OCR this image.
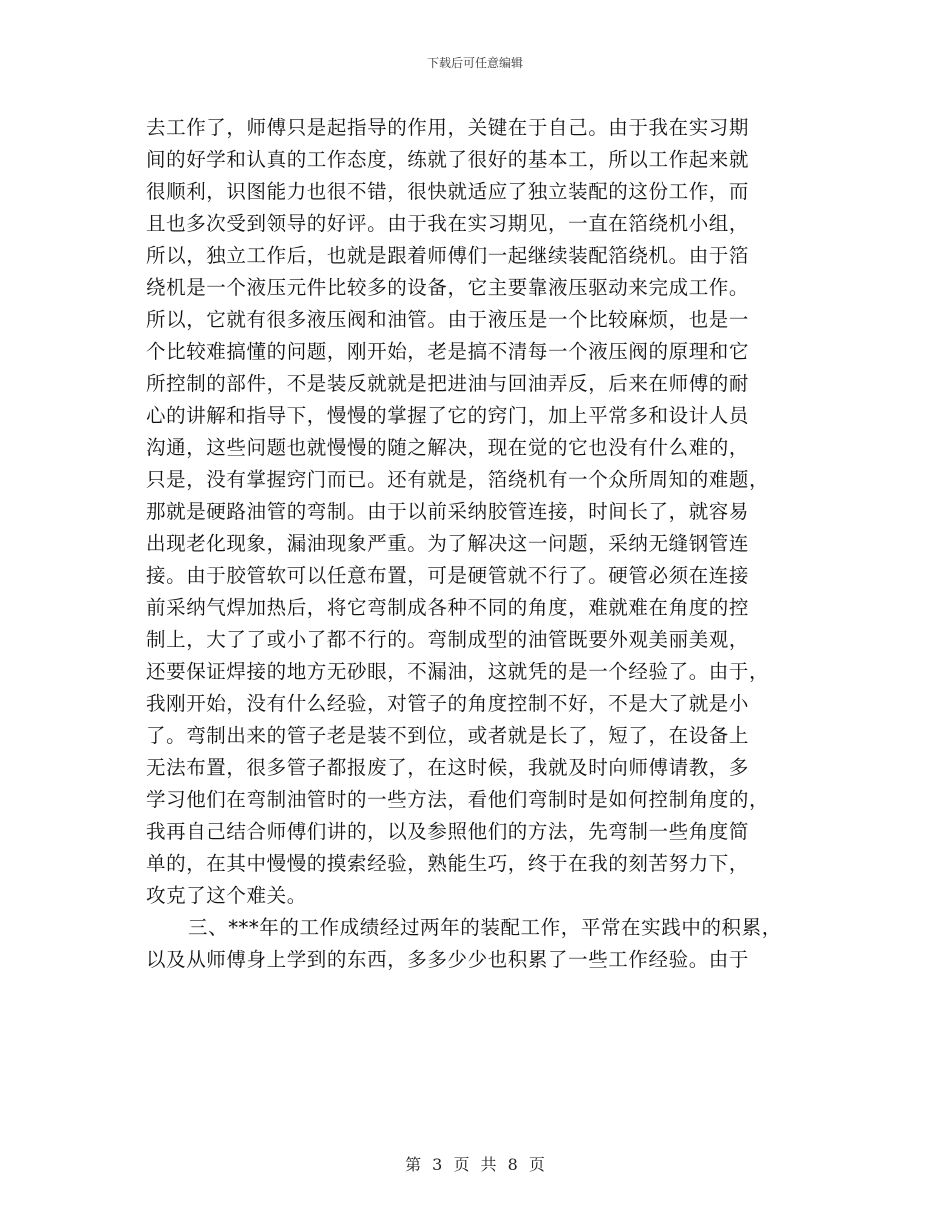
下载后可任意编辑
去工作了，师傅只是起指导的作用，关键在于自己。由于我在实习期
间的好学和认真的工作态度，练就了很好的基本工，所以工作起来就
很顺利，识图能力也很不错，很快就适应了独立装配的这份工作，而
且也多次受到领导的好评。由于我在实习期见，一直在箔绕机小组，
所以，独立工作后，也就是跟着师傅们一起继续装配箔绕机。由于箔
绕机是一个液压元件比较多的设备，它主要靠液压驱动来完成工作。
所以，它就有很多液压阀和油管。由于液压是一个比较麻烦，也是一
个比较难搞懂的问题，刚开始，老是搞不清每一个液压阀的原理和它
所控制的部件，不是装反就就是把进油与回油弄反，后来在师傅的耐
心的讲解和指导下，慢慢的掌握了它的窍门，加上平常多和设计人员
沟通，这些问题也就慢慢的随之解决，现在觉的它也没有什么难的，
只是，没有掌握窍门而已。还有就是，箔绕机有一个众所周知的难题，
那就是硬路油管的弯制。由于以前采纳胶管连接，时间长了，就容易
出现老化现象，漏油现象严重。为了解决这一问题，采纳无缝钢管连
接。由于胶管软可以任意布置，可是硬管就不行了。硬管必须在连接
前采纳气焊加热后，将它弯制成各种不同的角度，难就难在角度的控
制上，大了了或小了都不行的。弯制成型的油管既要外观美丽美观，
还要保证焊接的地方无砂眼，不漏油，这就凭的是一个经验了。由于，
我刚开始，没有什么经验，对管子的角度控制不好，不是大了就是小
了。弯制出来的管子老是装不到位，或者就是长了，短了，在设备上
无法布置，很多管子都报废了，在这时候，我就及时向师傅请教，多
学习他们在弯制油管时的一些方法，看他们弯制时是如何控制角度的，
我再自己结合师傅们讲的，以及参照他们的方法，先弯制一些角度简
单的，在其中慢慢的摸索经验，熟能生巧，终于在我的刻苦努力下，
攻克了这个难关。
三、***年的工作成绩经过两年的装配工作，平常在实践中的积累，
以及从师傅身上学到的东西，多多少少也积累了一些工作经验。由于
第 3 页 共 8 页
